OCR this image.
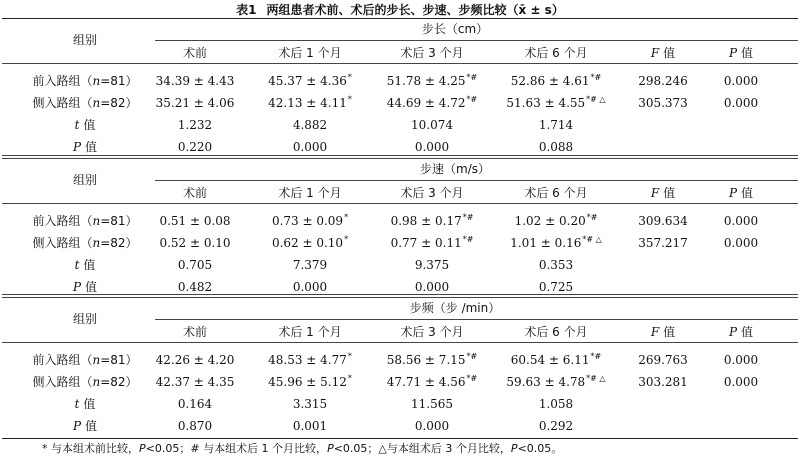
表1 两组患者术前、术后的步长、步速、步频比较（x̄ ± s）
组别
步长（cm）
术前	术后 1 个月	术后 3 个月	术后 6 个月	F 值	P 值
前入路组（n=81） 34.39 ± 4.43	45.37 ± 4.36*	51.78 ± 4.25*#	52.86 ± 4.61*#	298.246	0.000
侧入路组（n=82） 35.21 ± 4.06	42.13 ± 4.11*	44.69 ± 4.72*# 51.63 ± 4.55*# △	305.373	0.000
t 值	1.232	4.882	10.074	1.714
P 值	0.220	0.000	0.000	0.088
组别
步速（m/s）
术前	术后 1 个月	术后 3 个月	术后 6 个月	F 值	P 值
前入路组（n=81） 0.51 ± 0.08	0.73 ± 0.09*	0.98 ± 0.17*#	1.02 ± 0.20*#	309.634	0.000
侧入路组（n=82） 0.52 ± 0.10	0.62 ± 0.10*	0.77 ± 0.11*#	1.01 ± 0.16*# △	357.217	0.000
t 值	0.705	7.379	9.375	0.353
P 值	0.482	0.000	0.000	0.725
组别
步频（步 /min）
术前	术后 1 个月	术后 3 个月	术后 6 个月	F 值	P 值
前入路组（n=81） 42.26 ± 4.20	48.53 ± 4.77*	58.56 ± 7.15*#	60.54 ± 6.11*#	269.763	0.000
侧入路组（n=82） 42.37 ± 4.35	45.96 ± 5.12*	47.71 ± 4.56*# 59.63 ± 4.78*# △	303.281	0.000
t 值	0.164	3.315	11.565	1.058
P 值	0.870	0.001	0.000	0.292
* 与本组术前比较，P<0.05；# 与本组术后 1 个月比较，P<0.05；△与本组术后 3 个月比较，P<0.05。
